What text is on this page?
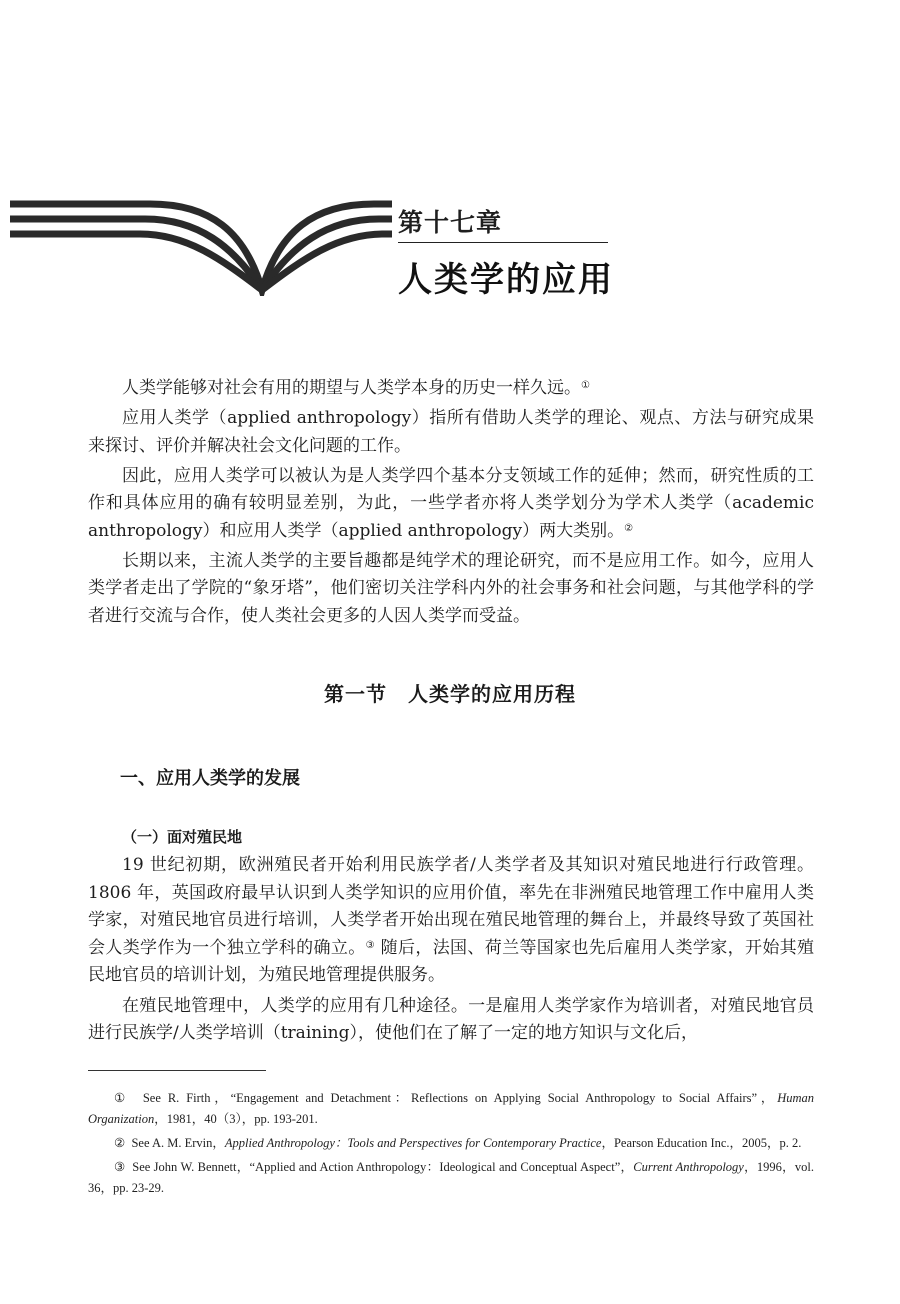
第十七章
人类学的应用

人类学能够对社会有用的期望与人类学本身的历史一样久远。①

应用人类学（applied anthropology）指所有借助人类学的理论、观点、方法与研究成果来探讨、评价并解决社会文化问题的工作。

因此，应用人类学可以被认为是人类学四个基本分支领域工作的延伸；然而，研究性质的工作和具体应用的确有较明显差别，为此，一些学者亦将人类学划分为学术人类学（academic anthropology）和应用人类学（applied anthropology）两大类别。②

长期以来，主流人类学的主要旨趣都是纯学术的理论研究，而不是应用工作。如今，应用人类学者走出了学院的“象牙塔”，他们密切关注学科内外的社会事务和社会问题，与其他学科的学者进行交流与合作，使人类社会更多的人因人类学而受益。

第一节　人类学的应用历程
一、应用人类学的发展
（一）面对殖民地

19 世纪初期，欧洲殖民者开始利用民族学者/人类学者及其知识对殖民地进行行政管理。1806 年，英国政府最早认识到人类学知识的应用价值，率先在非洲殖民地管理工作中雇用人类学家，对殖民地官员进行培训，人类学者开始出现在殖民地管理的舞台上，并最终导致了英国社会人类学作为一个独立学科的确立。③ 随后，法国、荷兰等国家也先后雇用人类学家，开始其殖民地官员的培训计划，为殖民地管理提供服务。

在殖民地管理中，人类学的应用有几种途径。一是雇用人类学家作为培训者，对殖民地官员进行民族学/人类学培训（training），使他们在了解了一定的地方知识与文化后，

① See R. Firth，“Engagement and Detachment：Reflections on Applying Social Anthropology to Social Affairs”，Human Organization，1981，40（3），pp. 193-201.

② See A. M. Ervin，Applied Anthropology：Tools and Perspectives for Contemporary Practice，Pearson Education Inc.，2005，p. 2.

③ See John W. Bennett，“Applied and Action Anthropology：Ideological and Conceptual Aspect”，Current Anthropology，1996，vol. 36，pp. 23-29.
